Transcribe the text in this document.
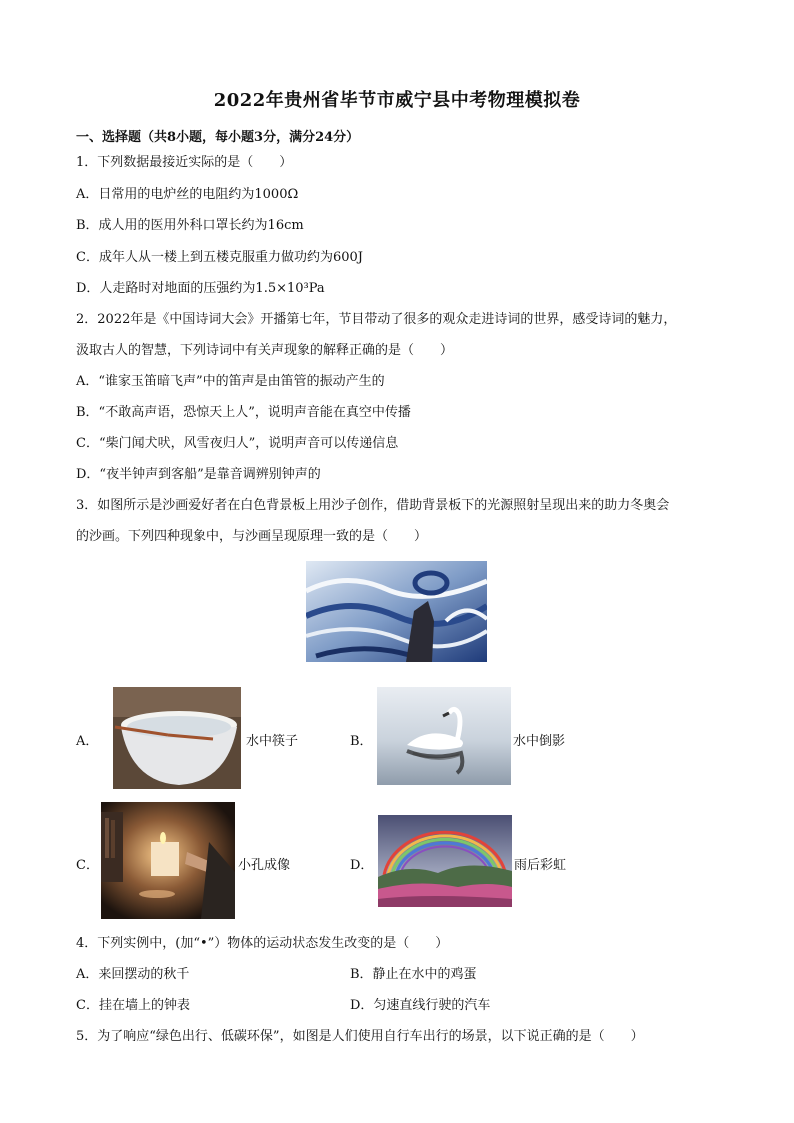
2022年贵州省毕节市威宁县中考物理模拟卷
一、选择题（共8小题，每小题3分，满分24分）
1．下列数据最接近实际的是（　　）
A．日常用的电炉丝的电阻约为1000Ω
B．成人用的医用外科口罩长约为16cm
C．成年人从一楼上到五楼克服重力做功约为600J
D．人走路时对地面的压强约为1.5×10³Pa
2．2022年是《中国诗词大会》开播第七年，节目带动了很多的观众走进诗词的世界，感受诗词的魅力，
汲取古人的智慧，下列诗词中有关声现象的解释正确的是（　　）
A．“谁家玉笛暗飞声”中的笛声是由笛管的振动产生的
B．“不敢高声语，恐惊天上人”，说明声音能在真空中传播
C．“柴门闻犬吠，风雪夜归人”，说明声音可以传递信息
D．“夜半钟声到客船”是靠音调辨别钟声的
3．如图所示是沙画爱好者在白色背景板上用沙子创作，借助背景板下的光源照射呈现出来的助力冬奥会
的沙画。下列四种现象中，与沙画呈现原理一致的是（　　）
A．	水中筷子	B．	水中倒影
C．	小孔成像	D．	雨后彩虹
4．下列实例中，(加“•”）物体的运动状态发生改变的是（　　）
A．来回摆动的秋千	B．静止在水中的鸡蛋
C．挂在墙上的钟表	D．匀速直线行驶的汽车
5．为了响应“绿色出行、低碳环保”，如图是人们使用自行车出行的场景，以下说正确的是（　　）
